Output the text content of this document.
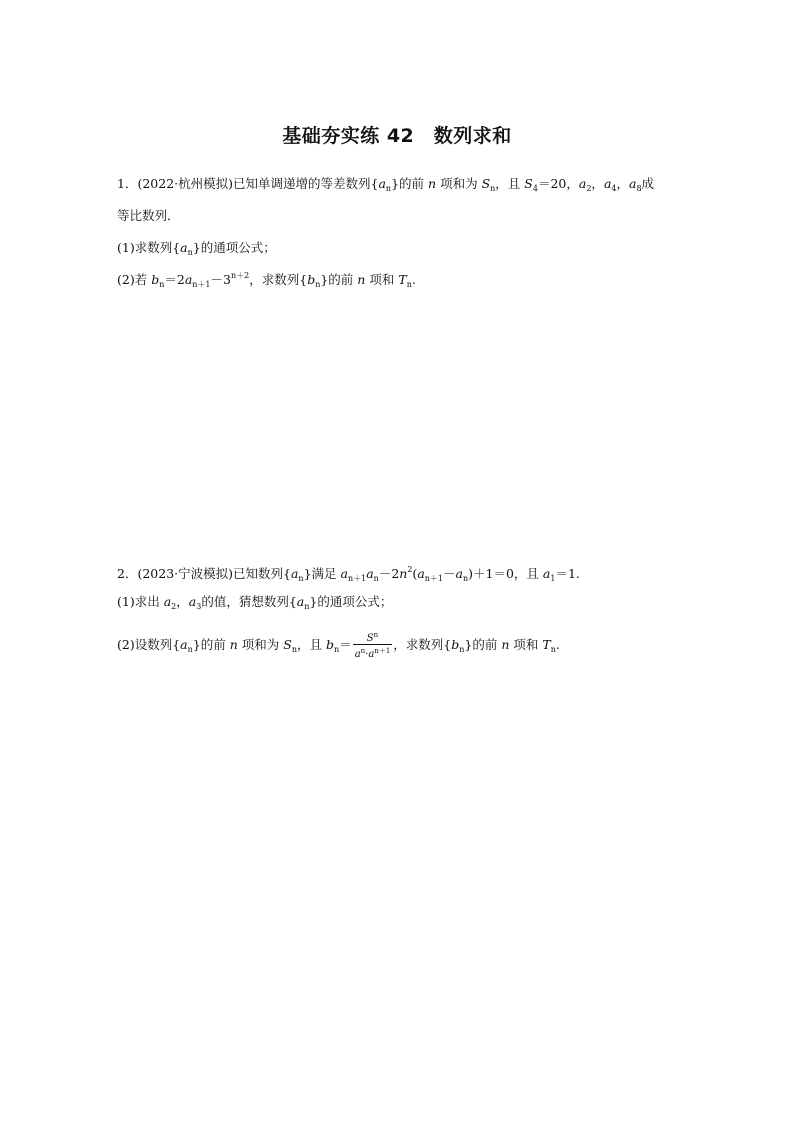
基础夯实练 42　数列求和
1．(2022·杭州模拟)已知单调递增的等差数列$\{a_n\}$的前 n 项和为 $S_n$，且 $S_4=20$，$a_2$，$a_4$，$a_8$成
等比数列．
(1)求数列$\{a_n\}$的通项公式；
(2)若 $b_n=2a_{n+1}-3^{n+2}$，求数列$\{b_n\}$的前 n 项和 $T_n$.
2．(2023·宁波模拟)已知数列$\{a_n\}$满足 $a_{n+1}a_n-2n^2(a_{n+1}-a_n)+1=0$，且 $a_1=1$.
(1)求出 $a_2$，$a_3$的值，猜想数列$\{a_n\}$的通项公式；
(2)设数列$\{a_n\}$的前 n 项和为 $S_n$，且 $b_n= \frac{S^n}{a^n\cdot a^{n+1}}$ ，求数列$\{b_n\}$的前 n 项和 $T_n$.
